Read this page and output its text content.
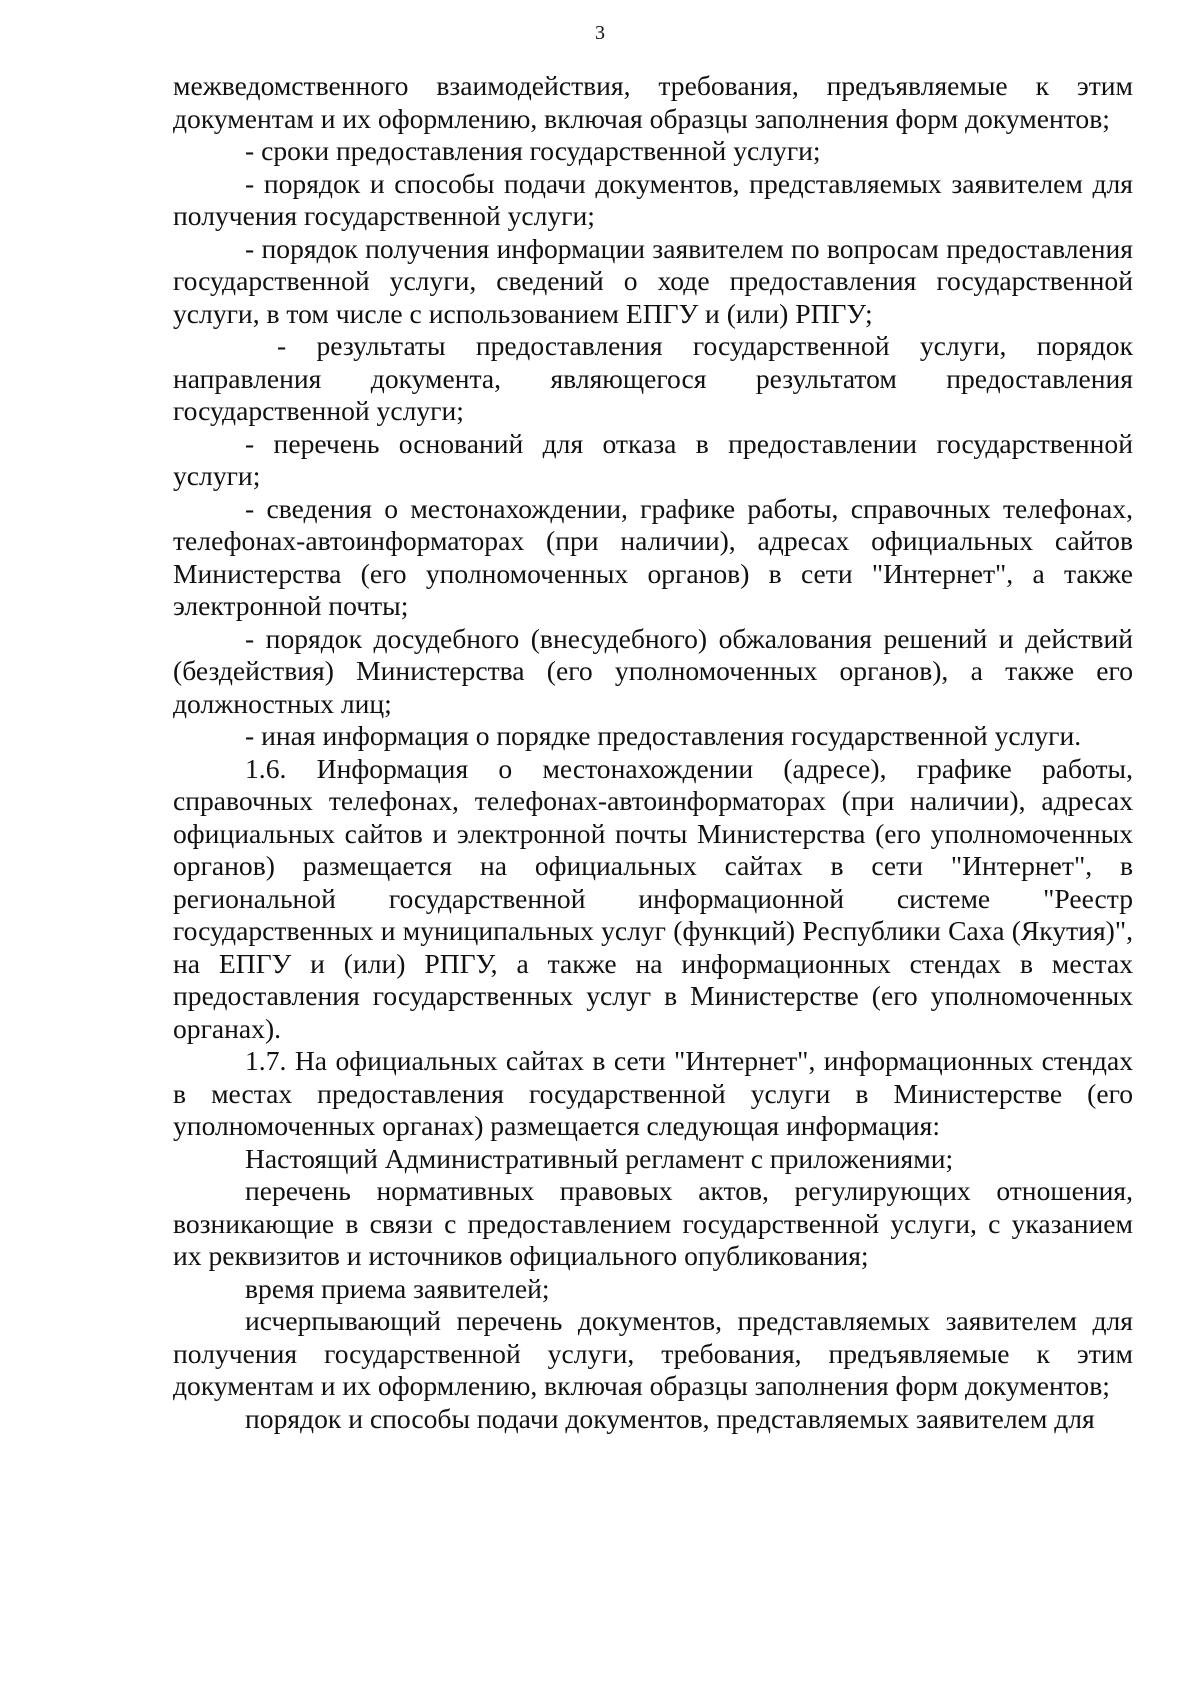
3

межведомственного взаимодействия, требования, предъявляемые к этим документам и их оформлению, включая образцы заполнения форм документов;

- сроки предоставления государственной услуги;

- порядок и способы подачи документов, представляемых заявителем для получения государственной услуги;

- порядок получения информации заявителем по вопросам предоставления государственной услуги, сведений о ходе предоставления государственной услуги, в том числе с использованием ЕПГУ и (или) РПГУ;

- результаты предоставления государственной услуги, порядок направления документа, являющегося результатом предоставления государственной услуги;

- перечень оснований для отказа в предоставлении государственной услуги;

- сведения о местонахождении, графике работы, справочных телефонах, телефонах-автоинформаторах (при наличии), адресах официальных сайтов Министерства (его уполномоченных органов) в сети "Интернет", а также электронной почты;

- порядок досудебного (внесудебного) обжалования решений и действий (бездействия) Министерства (его уполномоченных органов), а также его должностных лиц;

- иная информация о порядке предоставления государственной услуги.

1.6. Информация о местонахождении (адресе), графике работы, справочных телефонах, телефонах-автоинформаторах (при наличии), адресах официальных сайтов и электронной почты Министерства (его уполномоченных органов) размещается на официальных сайтах в сети "Интернет", в региональной государственной информационной системе "Реестр государственных и муниципальных услуг (функций) Республики Саха (Якутия)", на ЕПГУ и (или) РПГУ, а также на информационных стендах в местах предоставления государственных услуг в Министерстве (его уполномоченных органах).

1.7. На официальных сайтах в сети "Интернет", информационных стендах в местах предоставления государственной услуги в Министерстве (его уполномоченных органах) размещается следующая информация:

Настоящий Административный регламент с приложениями;

перечень нормативных правовых актов, регулирующих отношения, возникающие в связи с предоставлением государственной услуги, с указанием их реквизитов и источников официального опубликования;

время приема заявителей;

исчерпывающий перечень документов, представляемых заявителем для получения государственной услуги, требования, предъявляемые к этим документам и их оформлению, включая образцы заполнения форм документов;

порядок и способы подачи документов, представляемых заявителем для
